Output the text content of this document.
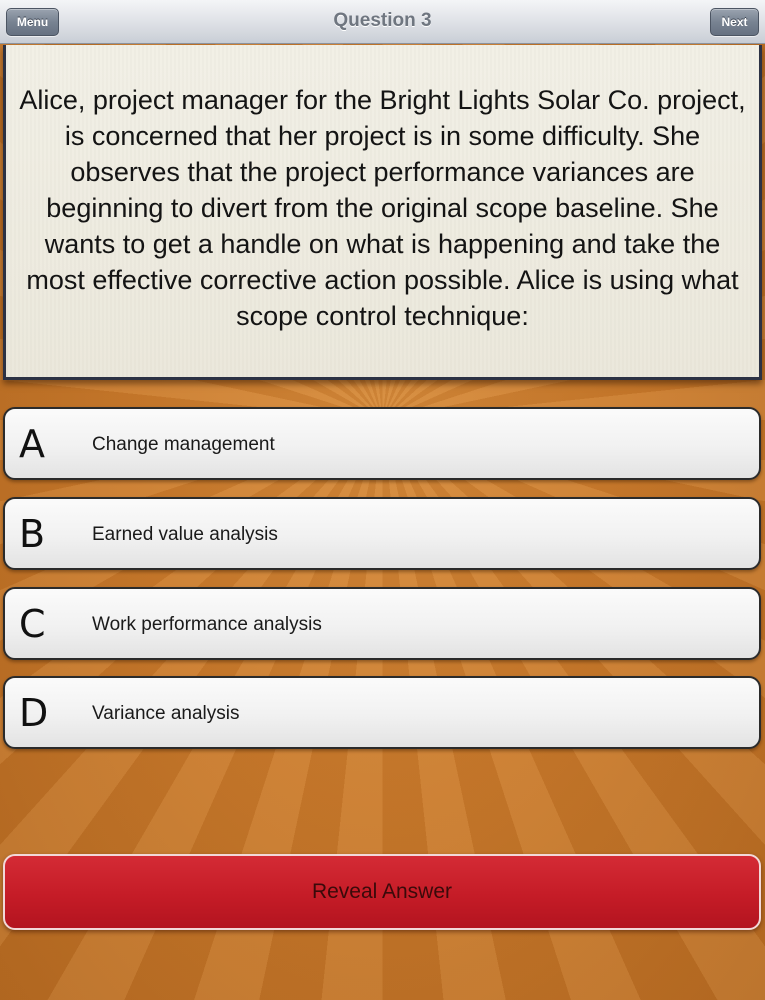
Question 3
Menu	Next

Alice, project manager for the Bright Lights Solar Co. project, is concerned that her project is in some difficulty. She observes that the project performance variances are beginning to divert from the original scope baseline. She wants to get a handle on what is happening and take the most effective corrective action possible. Alice is using what scope control technique:

A Change management
B Earned value analysis
C Work performance analysis
D Variance analysis
Reveal Answer
